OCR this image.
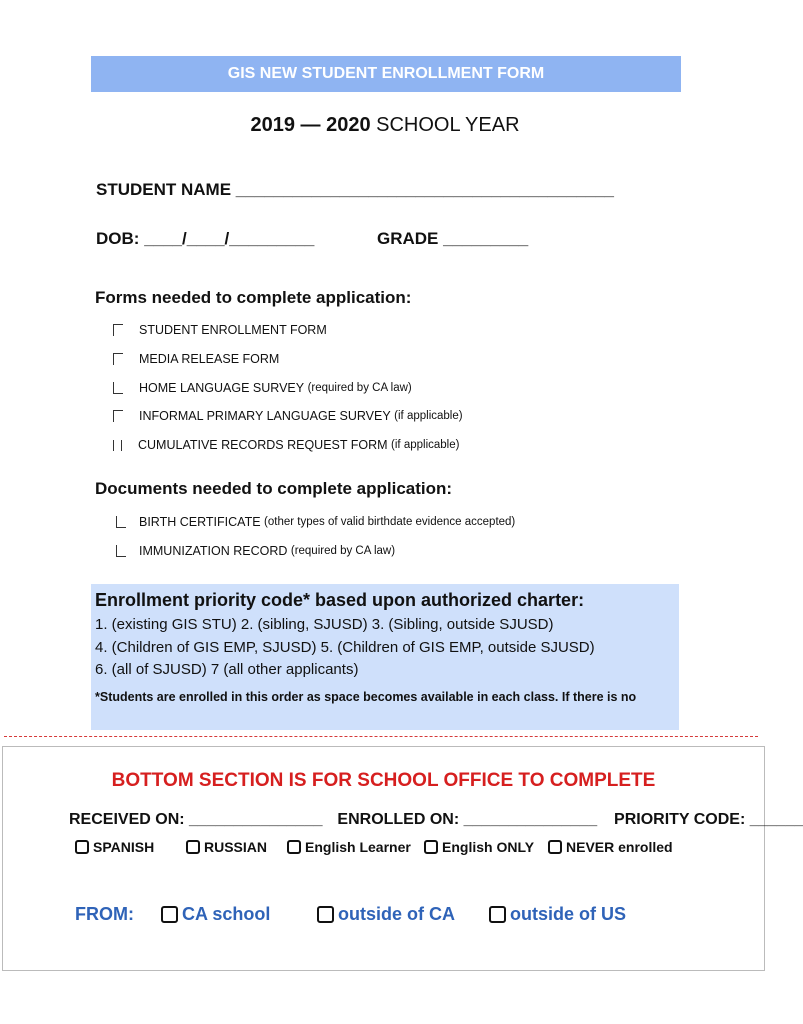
GIS NEW STUDENT ENROLLMENT FORM
2019 — 2020 SCHOOL YEAR
STUDENT NAME ________________________________________
DOB: ____/____/_________	GRADE _________
Forms needed to complete application:
STUDENT ENROLLMENT FORM
MEDIA RELEASE FORM
HOME LANGUAGE SURVEY
(required by CA law)
INFORMAL PRIMARY LANGUAGE SURVEY
(if applicable)
CUMULATIVE RECORDS REQUEST FORM
(if applicable)
Documents needed to complete application:
BIRTH CERTIFICATE
(other types of valid birthdate evidence accepted)
IMMUNIZATION RECORD
(required by CA law)
Enrollment priority code* based upon authorized charter:
1. (existing GIS STU) 2. (sibling, SJUSD) 3. (Sibling, outside SJUSD)
4. (Children of GIS EMP, SJUSD) 5. (Children of GIS EMP, outside SJUSD)
6. (all of SJUSD) 7 (all other applicants)
*Students are enrolled in this order as space becomes available in each class. If there is no
BOTTOM SECTION IS FOR SCHOOL OFFICE TO COMPLETE
RECEIVED ON: _______________ ENROLLED ON: _______________ PRIORITY CODE: ______
SPANISH	RUSSIAN	English Learner English ONLY NEVER enrolled
FROM:	CA school	outside of CA	outside of US
